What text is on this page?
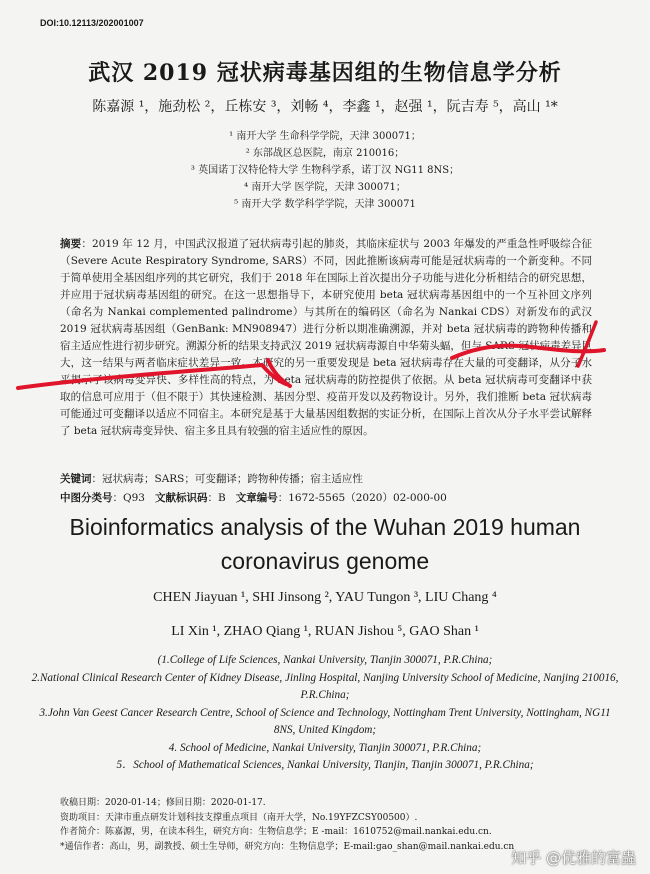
DOI:10.12113/202001007
武汉 2019 冠状病毒基因组的生物信息学分析
陈嘉源 ¹，施劲松 ²，丘栋安 ³，刘畅 ⁴，李鑫 ¹，赵强 ¹，阮吉寿 ⁵，高山 ¹*
¹ 南开大学 生命科学学院，天津 300071；
² 东部战区总医院，南京 210016；
³ 英国诺丁汉特伦特大学 生物科学系，诺丁汉 NG11 8NS；
⁴ 南开大学 医学院，天津 300071；
⁵ 南开大学 数学科学学院，天津 300071
摘要：2019 年 12 月，中国武汉报道了冠状病毒引起的肺炎，其临床症状与 2003 年爆发的严重急性呼吸综合征（Severe Acute Respiratory Syndrome, SARS）不同，因此推断该病毒可能是冠状病毒的一个新变种。不同于简单使用全基因组序列的其它研究，我们于 2018 年在国际上首次提出分子功能与进化分析相结合的研究思想，并应用于冠状病毒基因组的研究。在这一思想指导下，本研究使用 beta 冠状病毒基因组中的一个互补回文序列（命名为 Nankai complemented palindrome）与其所在的编码区（命名为 Nankai CDS）对新发布的武汉 2019 冠状病毒基因组（GenBank: MN908947）进行分析以期准确溯源，并对 beta 冠状病毒的跨物种传播和宿主适应性进行初步研究。溯源分析的结果支持武汉 2019 冠状病毒源自中华菊头蝠，但与 SARS 冠状病毒差异巨大，这一结果与两者临床症状差异一致。本研究的另一重要发现是 beta 冠状病毒存在大量的可变翻译，从分子水平揭示了该病毒变异快、多样性高的特点，为 beta 冠状病毒的防控提供了依据。从 beta 冠状病毒可变翻译中获取的信息可应用于（但不限于）其快速检测、基因分型、疫苗开发以及药物设计。另外，我们推断 beta 冠状病毒可能通过可变翻译以适应不同宿主。本研究是基于大量基因组数据的实证分析，在国际上首次从分子水平尝试解释了 beta 冠状病毒变异快、宿主多且具有较强的宿主适应性的原因。
关键词：冠状病毒；SARS；可变翻译；跨物种传播；宿主适应性
中图分类号：Q93 文献标识码：B 文章编号：1672-5565（2020）02-000-00
Bioinformatics analysis of the Wuhan 2019 human
coronavirus genome
CHEN Jiayuan ¹, SHI Jinsong ², YAU Tungon ³, LIU Chang ⁴
LI Xin ¹, ZHAO Qiang ¹, RUAN Jishou ⁵, GAO Shan ¹
(1.College of Life Sciences, Nankai University, Tianjin 300071, P.R.China;
2.National Clinical Research Center of Kidney Disease, Jinling Hospital, Nanjing University School of Medicine, Nanjing 210016, P.R.China;
3.John Van Geest Cancer Research Centre, School of Science and Technology, Nottingham Trent University, Nottingham, NG11 8NS, United Kingdom;
4. School of Medicine, Nankai University, Tianjin 300071, P.R.China;
5．School of Mathematical Sciences, Nankai University, Tianjin, Tianjin 300071, P.R.China;
收稿日期：2020-01-14；修回日期：2020-01-17.
资助项目：天津市重点研发计划科技支撑重点项目（南开大学，No.19YFZCSY00500）.
作者简介：陈嘉源，男，在读本科生，研究方向：生物信息学；E -mail：1610752@mail.nankai.edu.cn.
*通信作者：高山，男，副教授、硕士生导师，研究方向：生物信息学；E-mail:gao_shan@mail.nankai.edu.cn
知乎 @优雅的富蟲
